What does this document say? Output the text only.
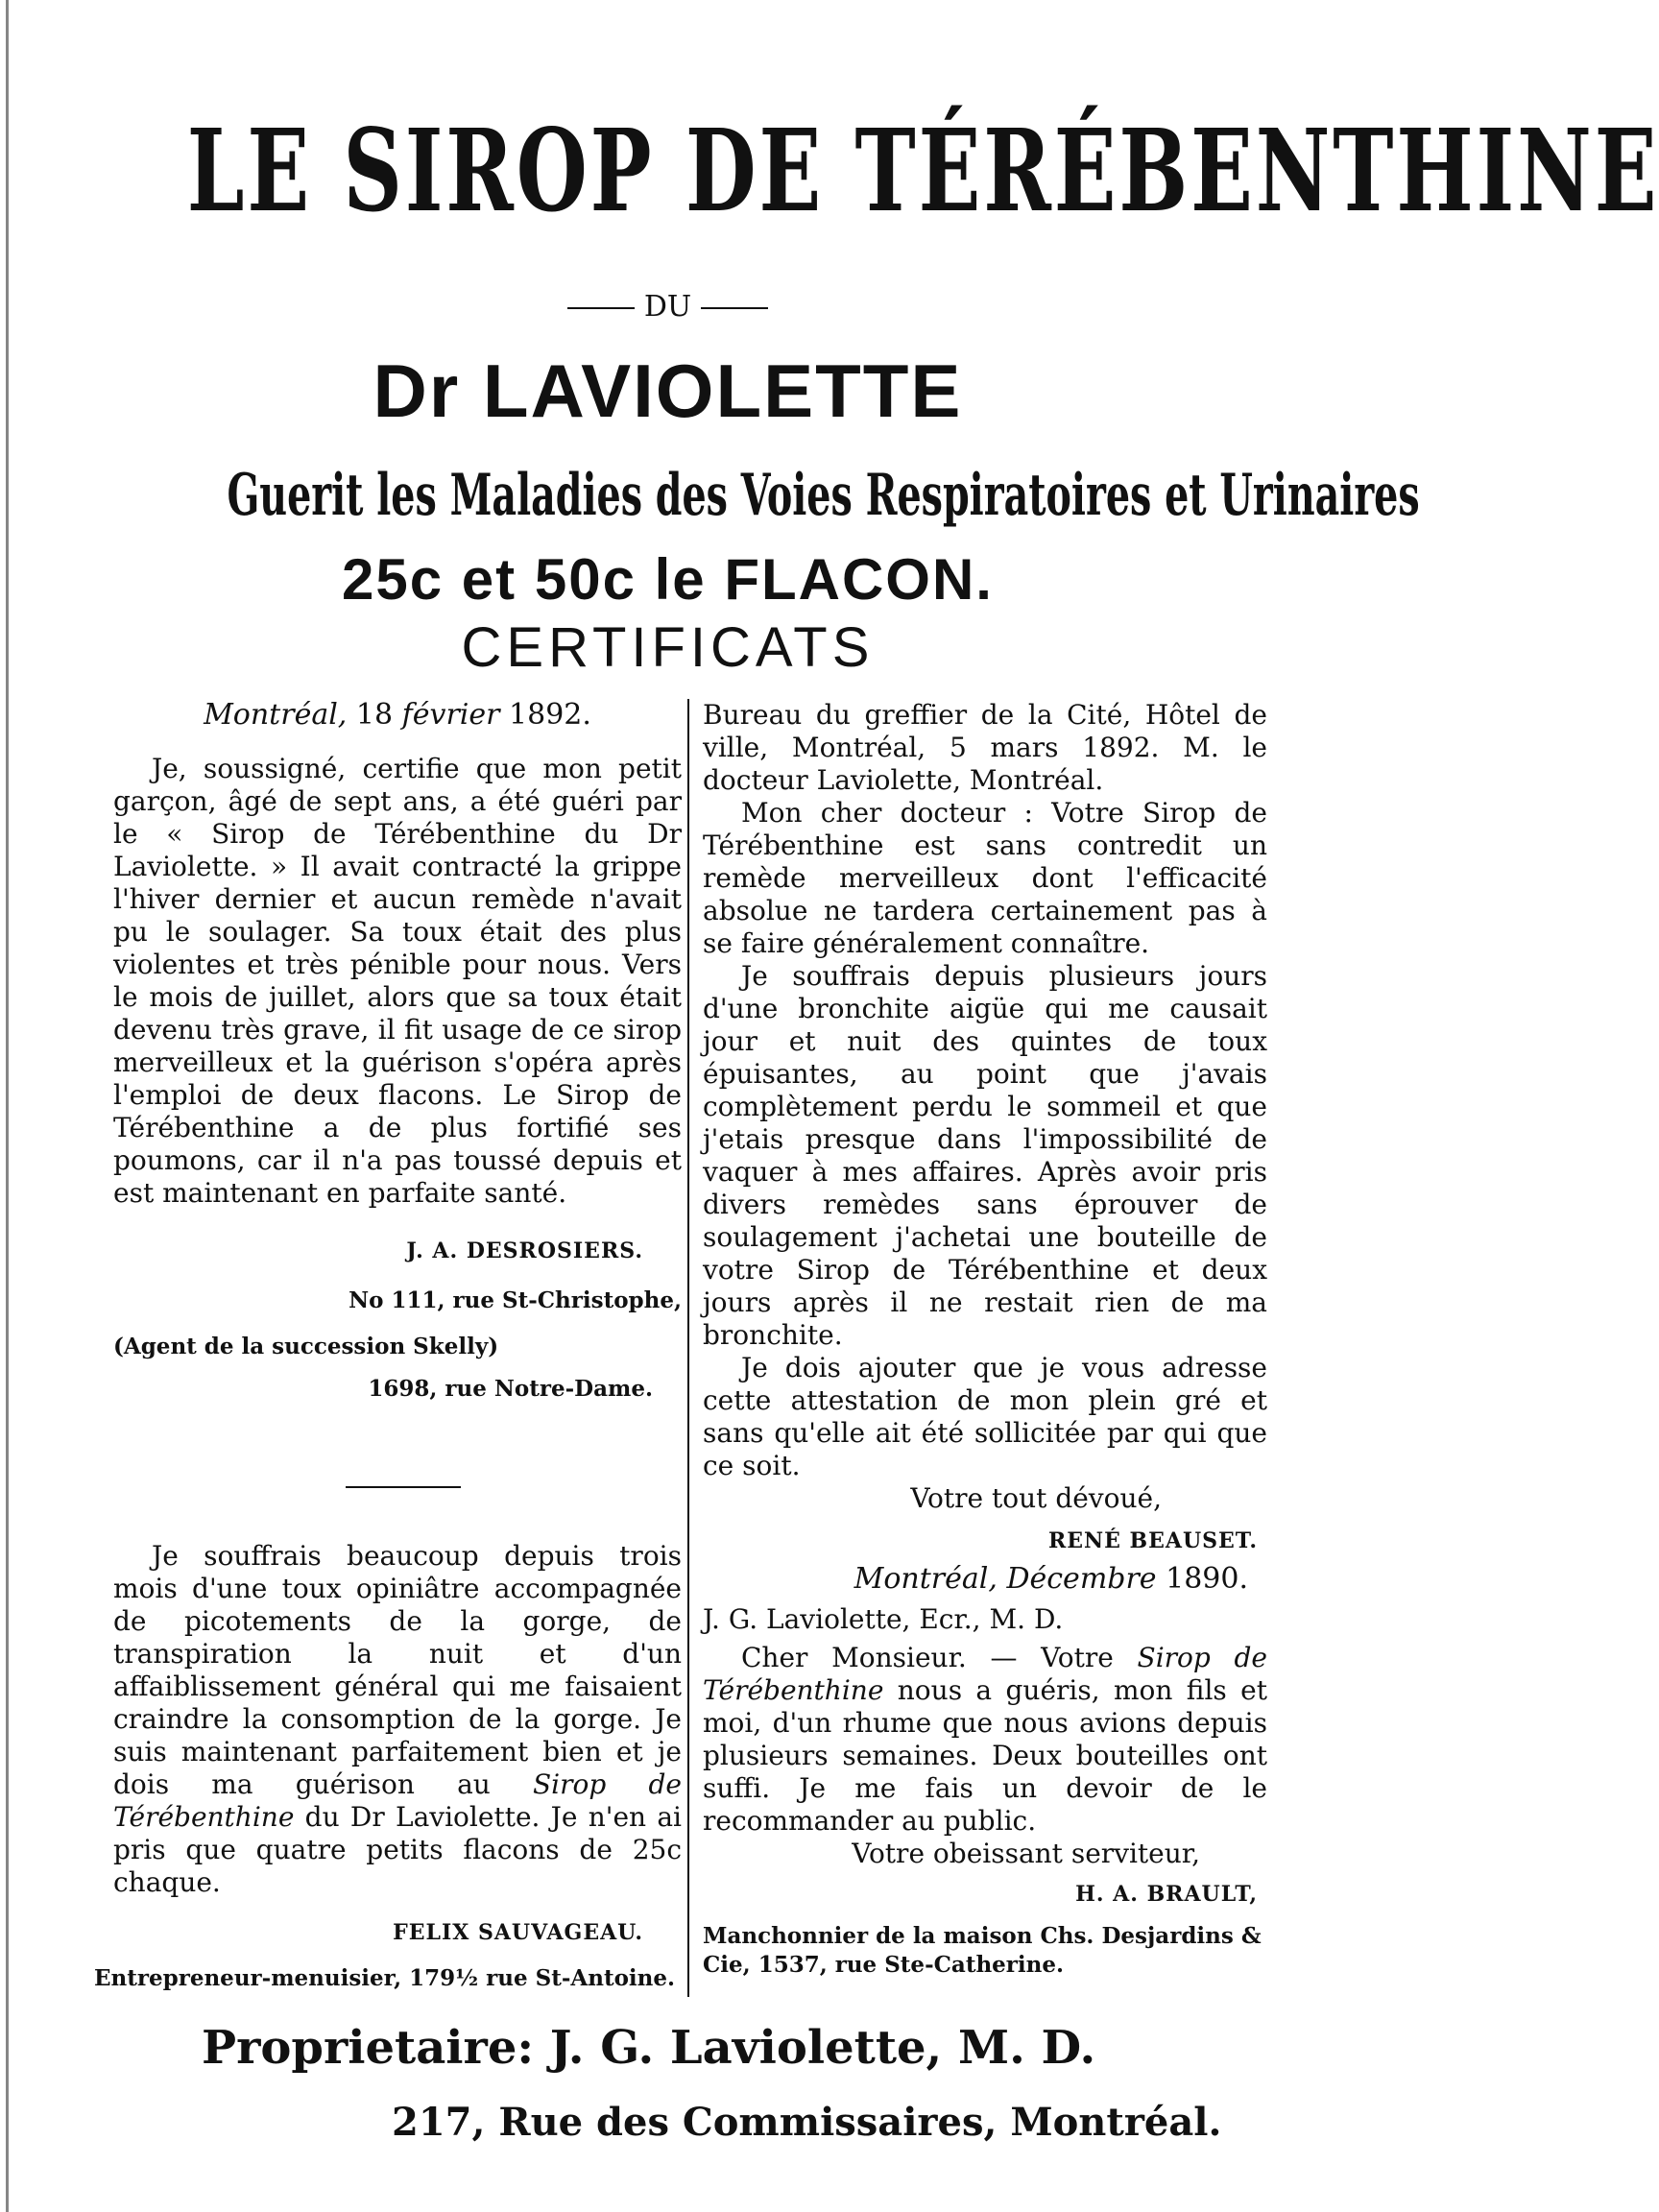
LE SIROP DE TÉRÉBENTHINE
DU
Dr LAVIOLETTE
Guerit les Maladies des Voies Respiratoires et Urinaires
25c et 50c le FLACON.
CERTIFICATS

Montréal, 18 février 1892.

Je, soussigné, certifie que mon petit garçon, âgé de sept ans, a été guéri par le « Sirop de Térébenthine du Dr Laviolette. » Il avait contracté la grippe l'hiver dernier et aucun remède n'avait pu le soulager. Sa toux était des plus violentes et très pénible pour nous. Vers le mois de juillet, alors que sa toux était devenu très grave, il fit usage de ce sirop merveilleux et la guérison s'opéra après l'emploi de deux flacons. Le Sirop de Térébenthine a de plus fortifié ses poumons, car il n'a pas toussé depuis et est maintenant en parfaite santé.

J. A. DESROSIERS.

No 111, rue St-Christophe,

(Agent de la succession Skelly)

1698, rue Notre-Dame.

Je souffrais beaucoup depuis trois mois d'une toux opiniâtre accompagnée de picotements de la gorge, de transpiration la nuit et d'un affaiblissement général qui me faisaient craindre la consomption de la gorge. Je suis maintenant parfaitement bien et je dois ma guérison au Sirop de Térébenthine du Dr Laviolette. Je n'en ai pris que quatre petits flacons de 25c chaque.

FELIX SAUVAGEAU.

Entrepreneur-menuisier, 179½ rue St-Antoine.

Bureau du greffier de la Cité, Hôtel de ville, Montréal, 5 mars 1892. M. le docteur Laviolette, Montréal.

Mon cher docteur : Votre Sirop de Térébenthine est sans contredit un remède merveilleux dont l'efficacité absolue ne tardera certainement pas à se faire généralement connaître.

Je souffrais depuis plusieurs jours d'une bronchite aigüe qui me causait jour et nuit des quintes de toux épuisantes, au point que j'avais complètement perdu le sommeil et que j'etais presque dans l'impossibilité de vaquer à mes affaires. Après avoir pris divers remèdes sans éprouver de soulagement j'achetai une bouteille de votre Sirop de Térébenthine et deux jours après il ne restait rien de ma bronchite.

Je dois ajouter que je vous adresse cette attestation de mon plein gré et sans qu'elle ait été sollicitée par qui que ce soit.

Votre tout dévoué,

RENÉ BEAUSET.

Montréal, Décembre 1890.

J. G. Laviolette, Ecr., M. D.

Cher Monsieur. — Votre Sirop de Térébenthine nous a guéris, mon fils et moi, d'un rhume que nous avions depuis plusieurs semaines. Deux bouteilles ont suffi. Je me fais un devoir de le recommander au public.

Votre obeissant serviteur,

H. A. BRAULT,

Manchonnier de la maison Chs. Desjardins & Cie, 1537, rue Ste-Catherine.

Proprietaire: J. G. Laviolette, M. D.
217, Rue des Commissaires, Montréal.
